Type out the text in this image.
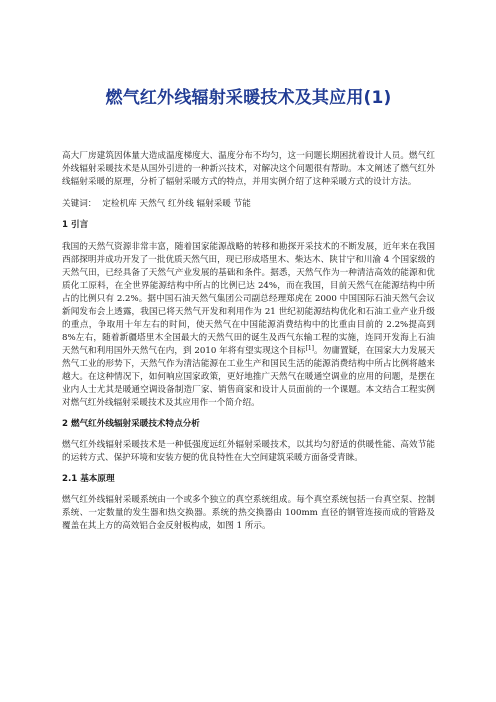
燃气红外线辐射采暖技术及其应用(1)

高大厂房建筑因体量大造成温度梯度大、温度分布不均匀，这一问题长期困扰着设计人员。燃气红外线辐射采暖技术是从国外引进的一种新兴技术，对解决这个问题很有帮助。本文阐述了燃气红外线辐射采暖的原理，分析了辐射采暖方式的特点，并用实例介绍了这种采暖方式的设计方法。

关键词： 定检机库 天然气 红外线 辐射采暖 节能

1 引言

我国的天然气资源非常丰富，随着国家能源战略的转移和勘探开采技术的不断发展，近年来在我国西部探明并成功开发了一批优质天然气田，现已形成塔里木、柴达木、陕甘宁和川渝 4 个国家级的天然气田，已经具备了天然气产业发展的基础和条件。据悉，天然气作为一种清洁高效的能源和优质化工原料，在全世界能源结构中所占的比例已达 24%，而在我国，目前天然气在能源结构中所占的比例只有 2.2%。据中国石油天然气集团公司副总经理郑虎在 2000 中国国际石油天然气会议新闻发布会上透露，我国已将天然气开发和利用作为 21 世纪初能源结构优化和石油工业产业升级的重点，争取用十年左右的时间，使天然气在中国能源消费结构中的比重由目前的 2.2%提高到 8%左右，随着新疆塔里木全国最大的天然气田的诞生及西气东输工程的实施，连同开发海上石油天然气和利用国外天然气在内，到 2010 年将有望实现这个目标[1]。勿庸置疑，在国家大力发展天然气工业的形势下，天然气作为清洁能源在工业生产和国民生活的能源消费结构中所占比例将越来越大。在这种情况下，如何响应国家政策，更好地推广天然气在暖通空调业的应用的问题，是摆在业内人士尤其是暖通空调设备制造厂家、销售商家和设计人员面前的一个课题。本文结合工程实例对燃气红外线辐射采暖技术及其应用作一个简介绍。

2 燃气红外线辐射采暖技术特点分析

燃气红外线辐射采暖技术是一种低强度远红外辐射采暖技术，以其均匀舒适的供暖性能、高效节能的运转方式、保护环境和安装方便的优良特性在大空间建筑采暖方面备受青睐。

2.1 基本原理

燃气红外线辐射采暖系统由一个或多个独立的真空系统组成。每个真空系统包括一台真空泵、控制系统、一定数量的发生器和热交换器。系统的热交换器由 100mm 直径的钢管连接而成的管路及覆盖在其上方的高效铝合金反射板构成，如图 1 所示。
